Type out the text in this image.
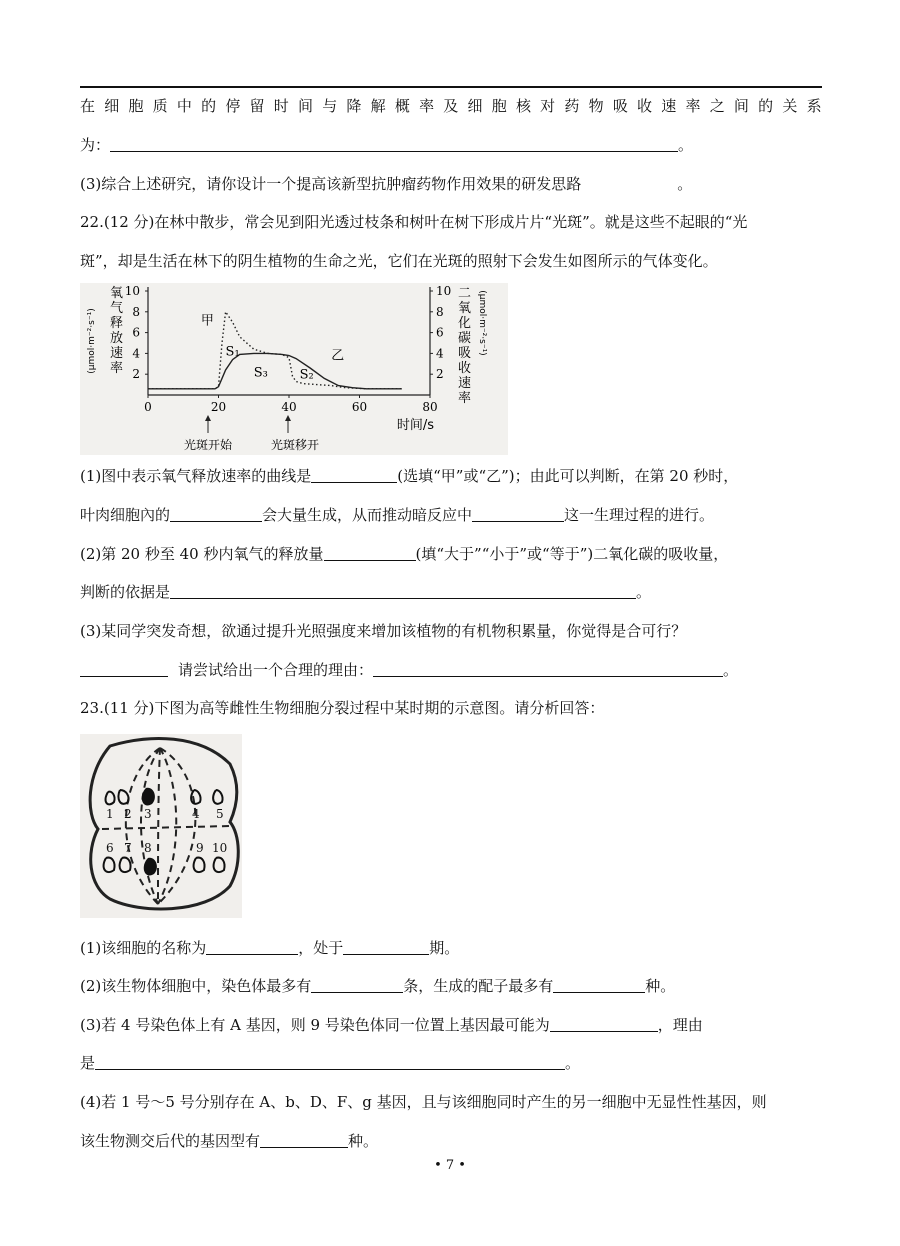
在 细 胞 质 中 的 停 留 时 间 与 降 解 概 率 及 细 胞 核 对 药 物 吸 收 速 率 之 间 的 关 系
为：	。
(3)综合上述研究，请你设计一个提高该新型抗肿瘤药物作用效果的研发思路	。
22.(12 分)在林中散步，常会见到阳光透过枝条和树叶在树下形成片片“光斑”。就是这些不起眼的“光
斑”，却是生活在林下的阴生植物的生命之光，它们在光斑的照射下会发生如图所示的气体变化。
氧气释放速率
(μmol·m⁻²·s⁻¹)
二氧化碳吸收速率
(μmol·m⁻²·s⁻¹)
0	20	40	60	80
2	2
4	4
6	6
8	8
10	10
时间/s
甲
乙
S₁
S₂
S₃
光斑开始	光斑移开
(1)图中表示氧气释放速率的曲线是	(选填“甲”或“乙”)；由此可以判断，在第 20 秒时，
叶肉细胞內的	会大量生成，从而推动暗反应中	这一生理过程的进行。
(2)第 20 秒至 40 秒内氧气的释放量	(填“大于”“小于”或“等于”)二氧化碳的吸收量，
判断的依据是	。
(3)某同学突发奇想，欲通过提升光照强度来增加该植物的有机物积累量，你觉得是合可行？
请尝试给出一个合理的理由：	。
23.(11 分)下图为高等雌性生物细胞分裂过程中某时期的示意图。请分析回答：
1 2 3	4 5
6 7 8	9 10
(1)该细胞的名称为	，处于	期。
(2)该生物体细胞中，染色体最多有	条，生成的配子最多有	种。
(3)若 4 号染色体上有 A 基因，则 9 号染色体同一位置上基因最可能为	，理由
是	。
(4)若 1 号～5 号分别存在 A、b、D、F、g 基因，且与该细胞同时产生的另一细胞中无显性性基因，则
该生物测交后代的基因型有	种。
• 7 •
